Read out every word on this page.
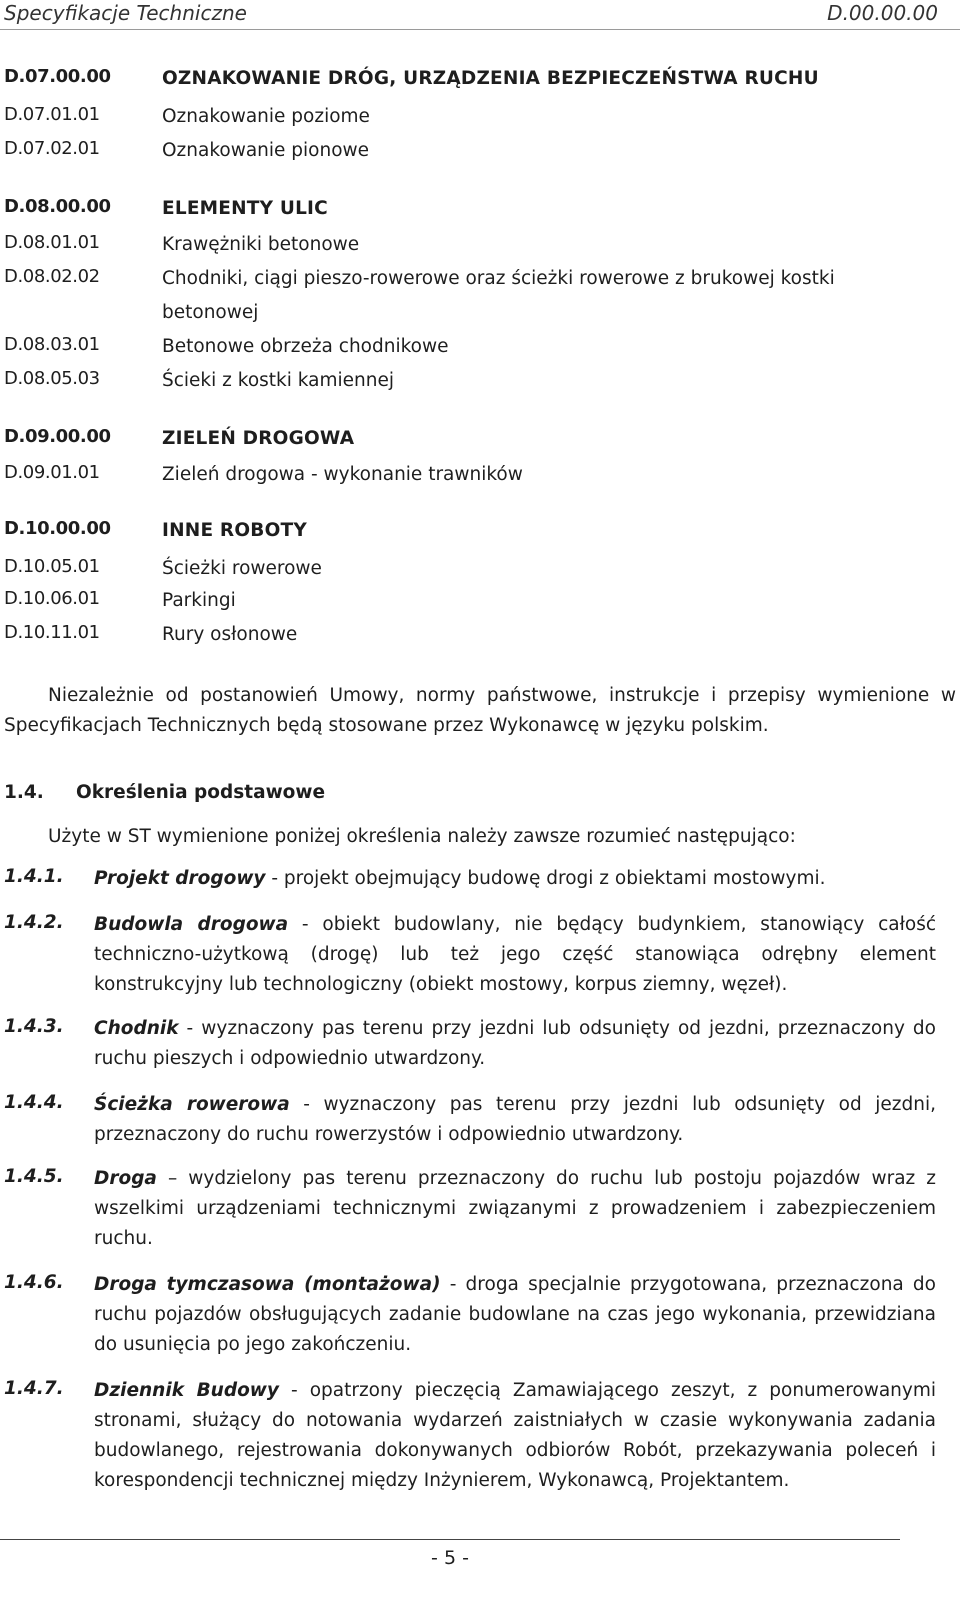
Specyfikacje Techniczne	D.00.00.00
D.07.00.00	OZNAKOWANIE DRÓG, URZĄDZENIA BEZPIECZEŃSTWA RUCHU
D.07.01.01	Oznakowanie poziome
D.07.02.01	Oznakowanie pionowe
D.08.00.00	ELEMENTY ULIC
D.08.01.01	Krawężniki betonowe
D.08.02.02	Chodniki, ciągi pieszo-rowerowe oraz ścieżki rowerowe z brukowej kostki betonowej
D.08.03.01	Betonowe obrzeża chodnikowe
D.08.05.03	Ścieki z kostki kamiennej
D.09.00.00	ZIELEŃ DROGOWA
D.09.01.01	Zieleń drogowa - wykonanie trawników
D.10.00.00	INNE ROBOTY
D.10.05.01	Ścieżki rowerowe
D.10.06.01	Parkingi
D.10.11.01	Rury osłonowe
Niezależnie od postanowień Umowy, normy państwowe, instrukcje i przepisy wymienione w Specyfikacjach Technicznych będą stosowane przez Wykonawcę w języku polskim.
1.4. Określenia podstawowe
Użyte w ST wymienione poniżej określenia należy zawsze rozumieć następująco:
1.4.1. Projekt drogowy - projekt obejmujący budowę drogi z obiektami mostowymi.
1.4.2. Budowla drogowa - obiekt budowlany, nie będący budynkiem, stanowiący całość techniczno-użytkową (drogę) lub też jego część stanowiąca odrębny element konstrukcyjny lub technologiczny (obiekt mostowy, korpus ziemny, węzeł).
1.4.3. Chodnik - wyznaczony pas terenu przy jezdni lub odsunięty od jezdni, przeznaczony do ruchu pieszych i odpowiednio utwardzony.
1.4.4. Ścieżka rowerowa - wyznaczony pas terenu przy jezdni lub odsunięty od jezdni, przeznaczony do ruchu rowerzystów i odpowiednio utwardzony.
1.4.5. Droga – wydzielony pas terenu przeznaczony do ruchu lub postoju pojazdów wraz z wszelkimi urządzeniami technicznymi związanymi z prowadzeniem i zabezpieczeniem ruchu.
1.4.6. Droga tymczasowa (montażowa) - droga specjalnie przygotowana, przeznaczona do ruchu pojazdów obsługujących zadanie budowlane na czas jego wykonania, przewidziana do usunięcia po jego zakończeniu.
1.4.7. Dziennik Budowy - opatrzony pieczęcią Zamawiającego zeszyt, z ponumerowanymi stronami, służący do notowania wydarzeń zaistniałych w czasie wykonywania zadania budowlanego, rejestrowania dokonywanych odbiorów Robót, przekazywania poleceń i korespondencji technicznej między Inżynierem, Wykonawcą, Projektantem.
- 5 -
